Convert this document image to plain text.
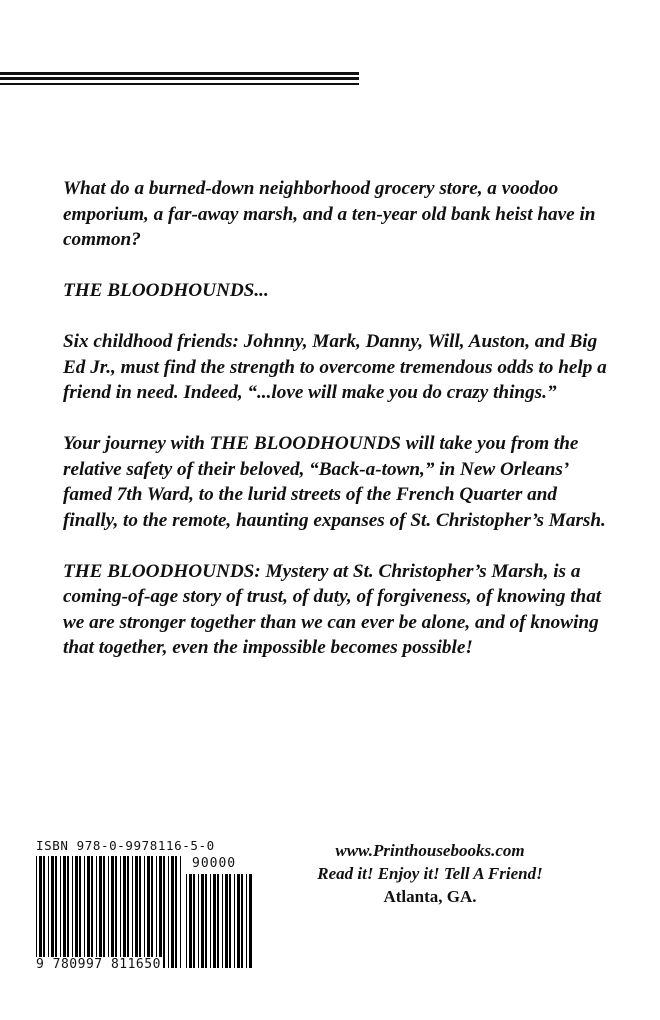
What do a burned-down neighborhood grocery store, a voodoo emporium, a far-away marsh, and a ten-year old bank heist have in common?

THE BLOODHOUNDS...

Six childhood friends: Johnny, Mark, Danny, Will, Auston, and Big Ed Jr., must find the strength to overcome tremendous odds to help a friend in need. Indeed, “...love will make you do crazy things.”

Your journey with THE BLOODHOUNDS will take you from the relative safety of their beloved, “Back-a-town,” in New Orleans’ famed 7th Ward, to the lurid streets of the French Quarter and finally, to the remote, haunting expanses of St. Christopher’s Marsh.

THE BLOODHOUNDS: Mystery at St. Christopher’s Marsh, is a coming-of-age story of trust, of duty, of forgiveness, of knowing that we are stronger together than we can ever be alone, and of knowing that together, even the impossible becomes possible!

ISBN 978-0-9978116-5-0
90000
9 780997 811650
www.Printhousebooks.com
Read it! Enjoy it! Tell A Friend!
Atlanta, GA.
